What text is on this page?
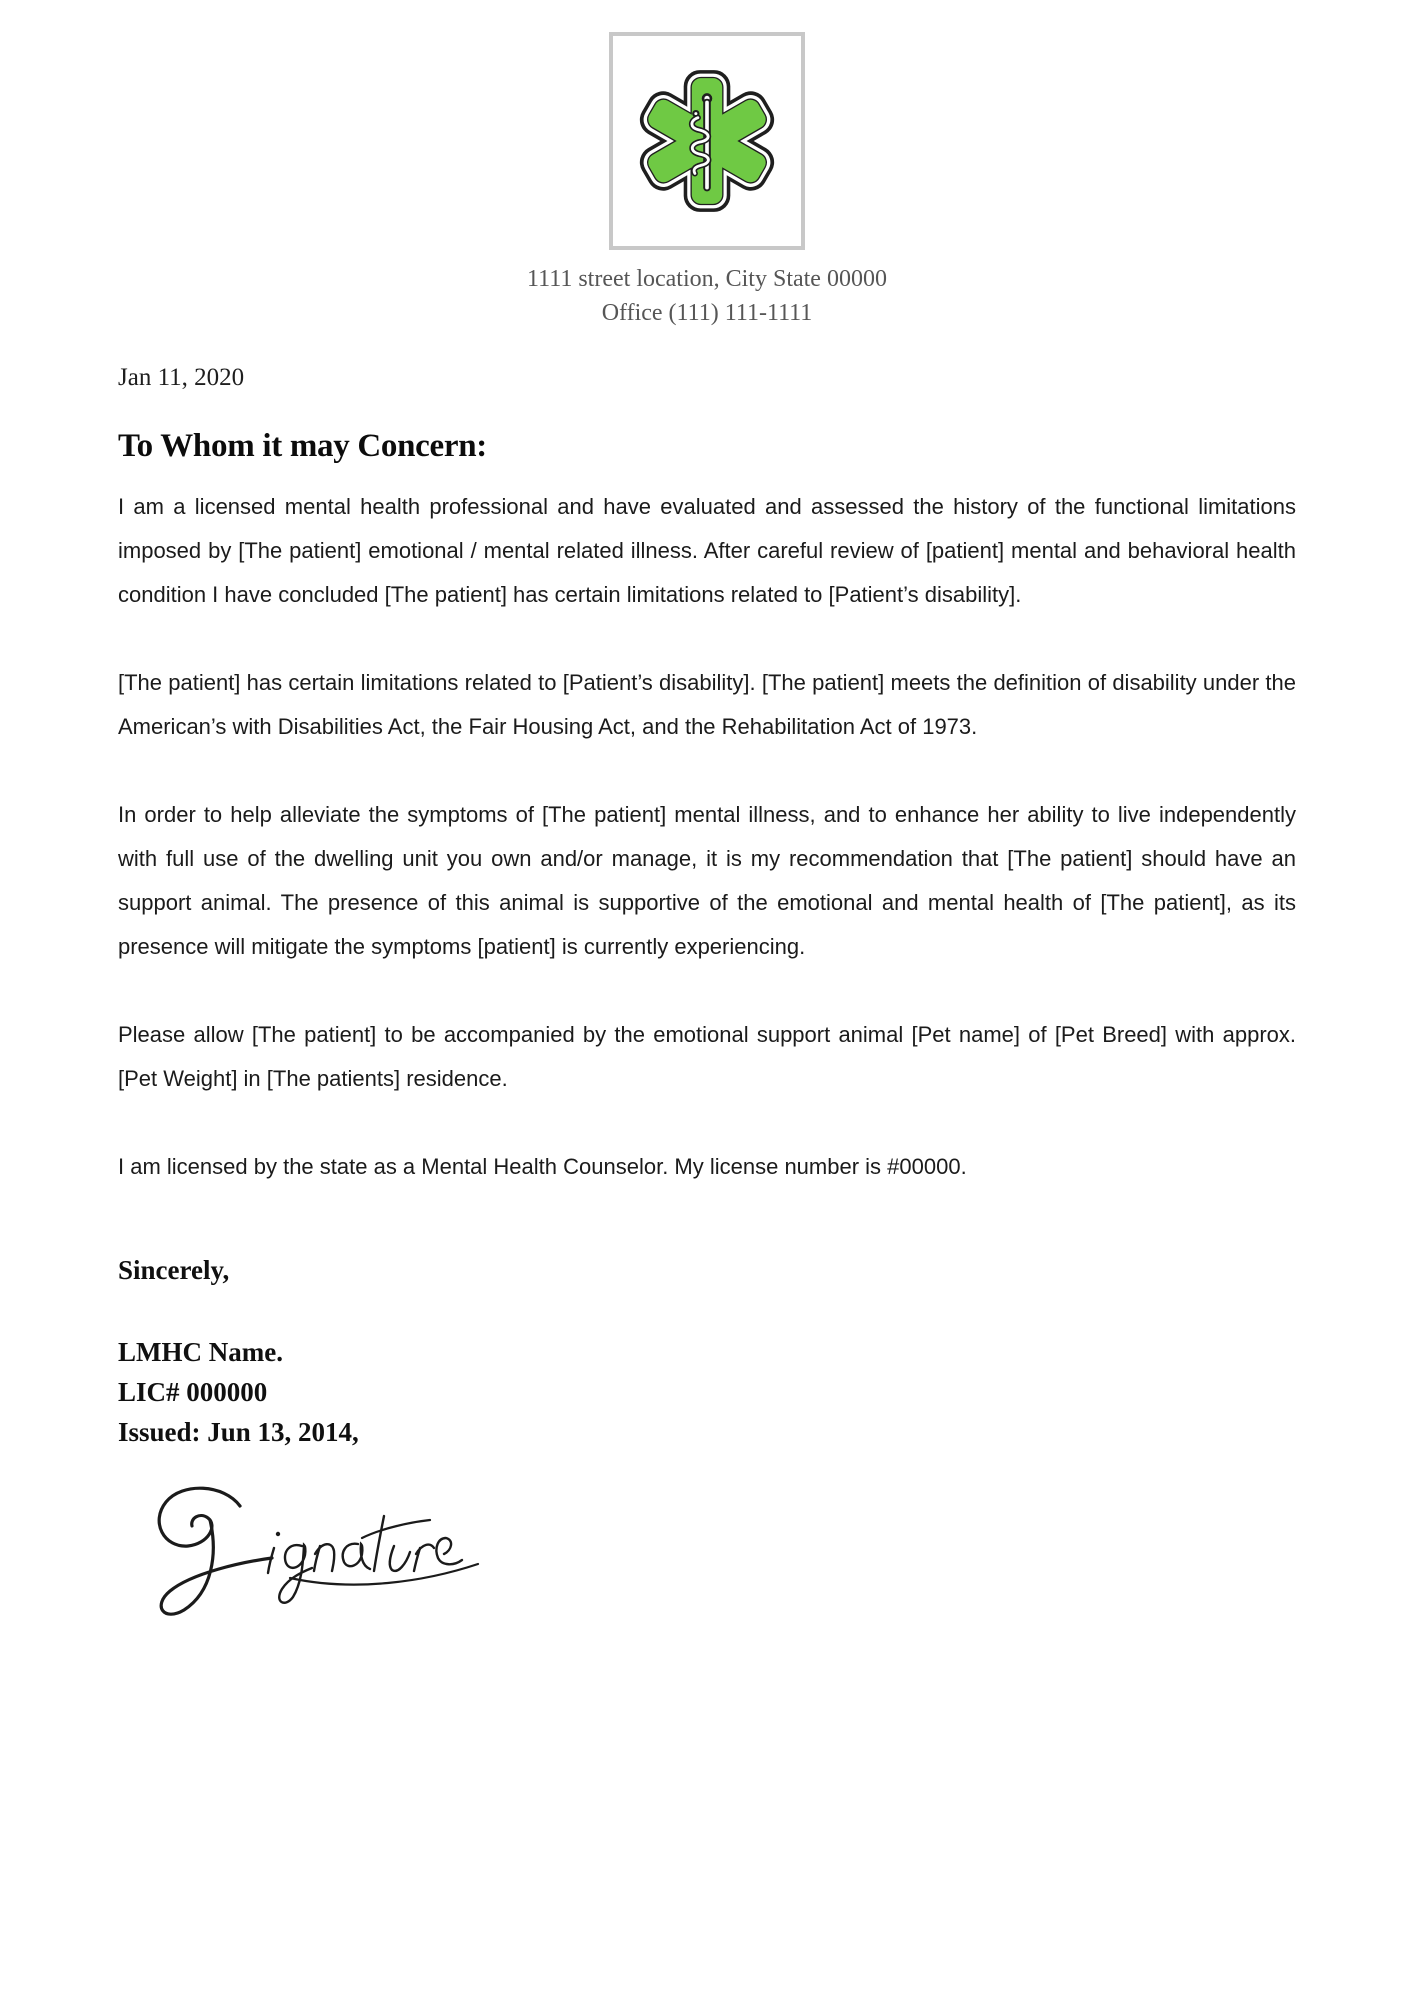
1111 street location, City State 00000
Office (111) 111-1111
Jan 11, 2020
To Whom it may Concern:

I am a licensed mental health professional and have evaluated and assessed the history of the functional limitations imposed by [The patient] emotional / mental related illness. After careful review of [patient] mental and behavioral health condition I have concluded [The patient] has certain limitations related to [Patient’s disability].

[The patient] has certain limitations related to [Patient’s disability]. [The patient] meets the definition of disability under the American’s with Disabilities Act, the Fair Housing Act, and the Rehabilitation Act of 1973.

In order to help alleviate the symptoms of [The patient] mental illness, and to enhance her ability to live independently with full use of the dwelling unit you own and/or manage, it is my recommendation that [The patient] should have an support animal. The presence of this animal is supportive of the emotional and mental health of [The patient], as its presence will mitigate the symptoms [patient] is currently experiencing.

Please allow [The patient] to be accompanied by the emotional support animal [Pet name] of [Pet Breed] with approx. [Pet Weight] in [The patients] residence.

I am licensed by the state as a Mental Health Counselor. My license number is #00000.

Sincerely,
LMHC Name.
LIC# 000000
Issued: Jun 13, 2014,
